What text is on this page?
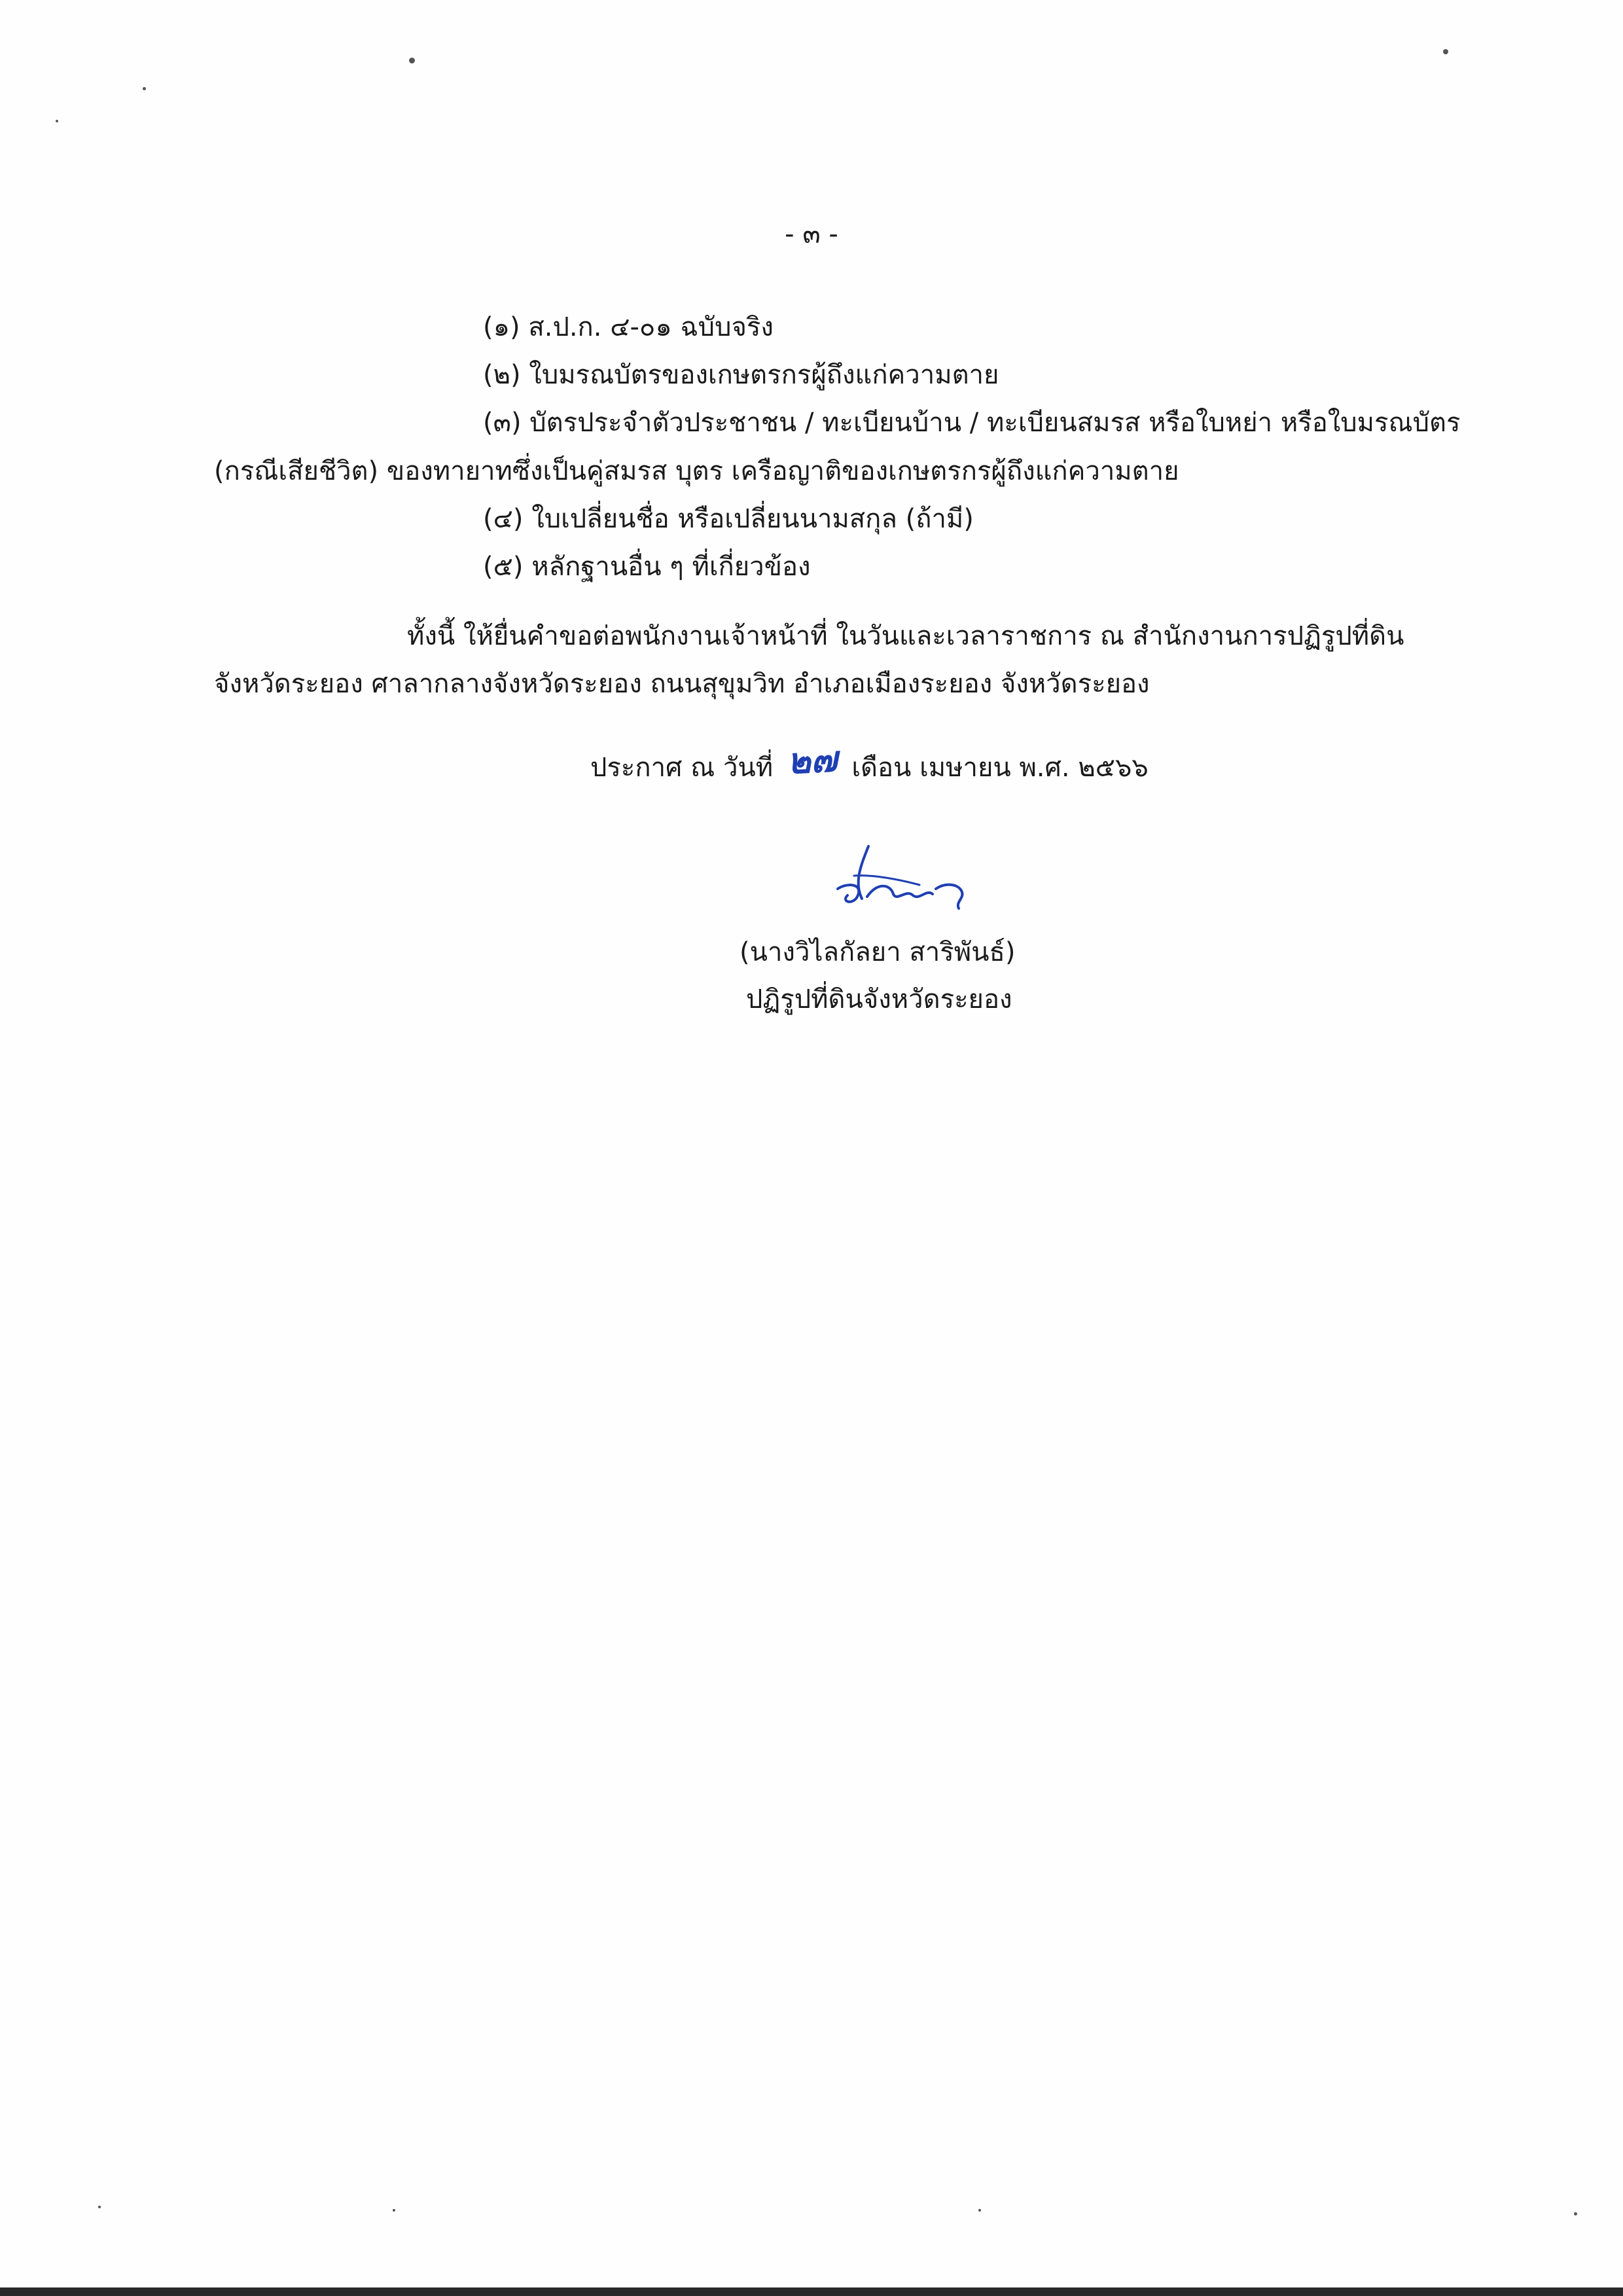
- ๓ -
(๑) ส.ป.ก. ๔-๐๑ ฉบับจริง
(๒) ใบมรณบัตรของเกษตรกรผู้ถึงแก่ความตาย
(๓) บัตรประจำตัวประชาชน / ทะเบียนบ้าน / ทะเบียนสมรส หรือใบหย่า หรือใบมรณบัตร
(กรณีเสียชีวิต) ของทายาทซึ่งเป็นคู่สมรส บุตร เครือญาติของเกษตรกรผู้ถึงแก่ความตาย
(๔) ใบเปลี่ยนชื่อ หรือเปลี่ยนนามสกุล (ถ้ามี)
(๕) หลักฐานอื่น ๆ ที่เกี่ยวข้อง
ทั้งนี้ ให้ยื่นคำขอต่อพนักงานเจ้าหน้าที่ ในวันและเวลาราชการ ณ สำนักงานการปฏิรูปที่ดิน
จังหวัดระยอง ศาลากลางจังหวัดระยอง ถนนสุขุมวิท อำเภอเมืองระยอง จังหวัดระยอง
ประกาศ ณ วันที่ ๒๗ เดือน เมษายน พ.ศ. ๒๕๖๖
(นางวิไลกัลยา สาริพันธ์)
ปฏิรูปที่ดินจังหวัดระยอง
